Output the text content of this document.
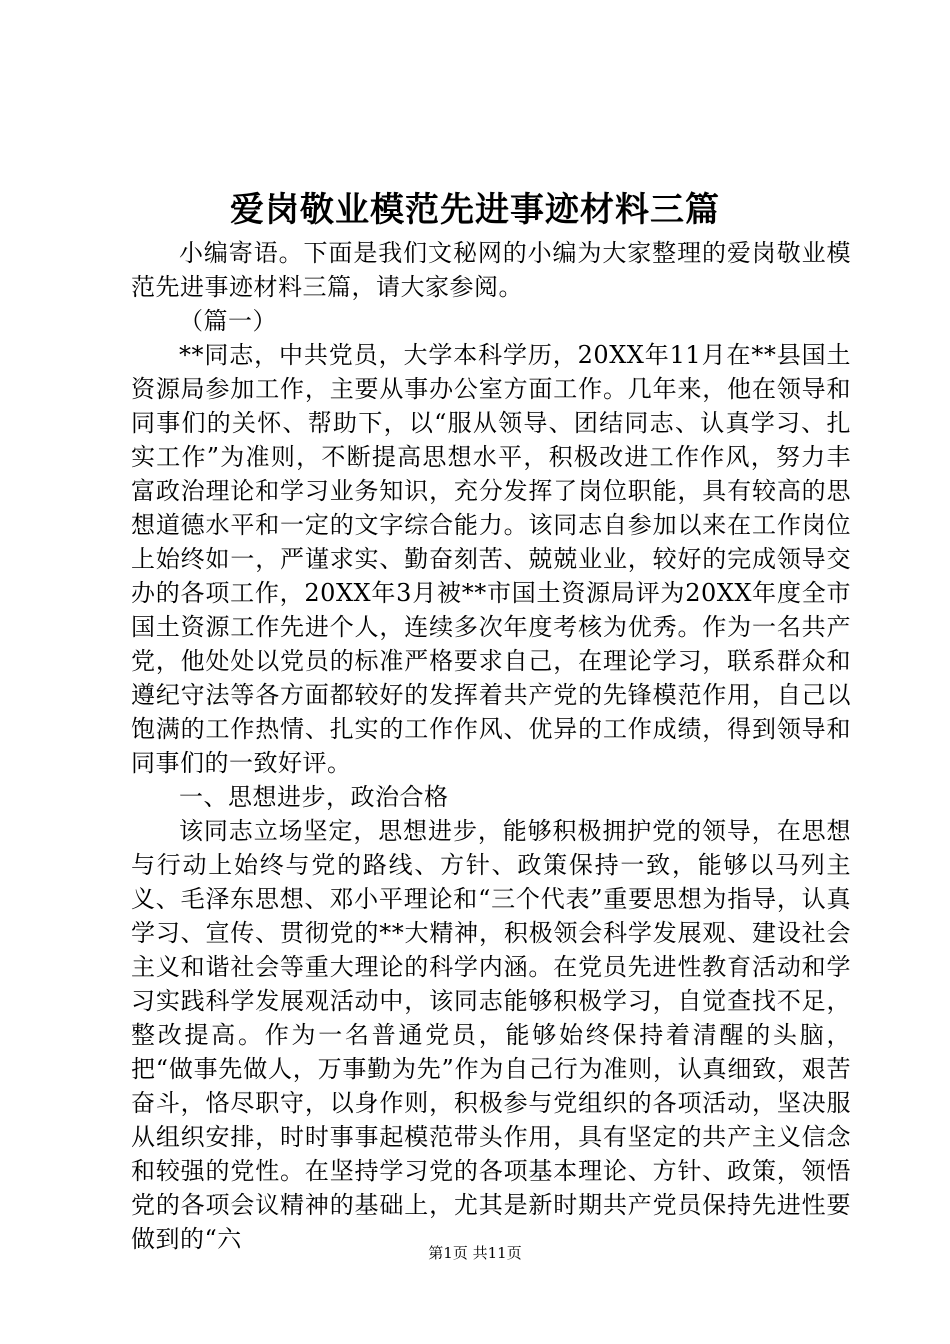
爱岗敬业模范先进事迹材料三篇

小编寄语。下面是我们文秘网的小编为大家整理的爱岗敬业模范先进事迹材料三篇，请大家参阅。

（篇一）

**同志，中共党员，大学本科学历，20XX年11月在**县国土资源局参加工作，主要从事办公室方面工作。几年来，他在领导和同事们的关怀、帮助下，以“服从领导、团结同志、认真学习、扎实工作”为准则，不断提高思想水平，积极改进工作作风，努力丰富政治理论和学习业务知识，充分发挥了岗位职能，具有较高的思想道德水平和一定的文字综合能力。该同志自参加以来在工作岗位上始终如一，严谨求实、勤奋刻苦、兢兢业业，较好的完成领导交办的各项工作，20XX年3月被**市国土资源局评为20XX年度全市国土资源工作先进个人，连续多次年度考核为优秀。作为一名共产党，他处处以党员的标准严格要求自己，在理论学习，联系群众和遵纪守法等各方面都较好的发挥着共产党的先锋模范作用，自己以饱满的工作热情、扎实的工作作风、优异的工作成绩，得到领导和同事们的一致好评。

一、思想进步，政治合格

该同志立场坚定，思想进步，能够积极拥护党的领导，在思想与行动上始终与党的路线、方针、政策保持一致，能够以马列主义、毛泽东思想、邓小平理论和“三个代表”重要思想为指导，认真学习、宣传、贯彻党的**大精神，积极领会科学发展观、建设社会主义和谐社会等重大理论的科学内涵。在党员先进性教育活动和学习实践科学发展观活动中，该同志能够积极学习，自觉查找不足，整改提高。作为一名普通党员，能够始终保持着清醒的头脑，把“做事先做人，万事勤为先”作为自己行为准则，认真细致，艰苦奋斗，恪尽职守，以身作则，积极参与党组织的各项活动，坚决服从组织安排，时时事事起模范带头作用，具有坚定的共产主义信念和较强的党性。在坚持学习党的各项基本理论、方针、政策，领悟党的各项会议精神的基础上，尤其是新时期共产党员保持先进性要做到的“六	第1页 共11页
